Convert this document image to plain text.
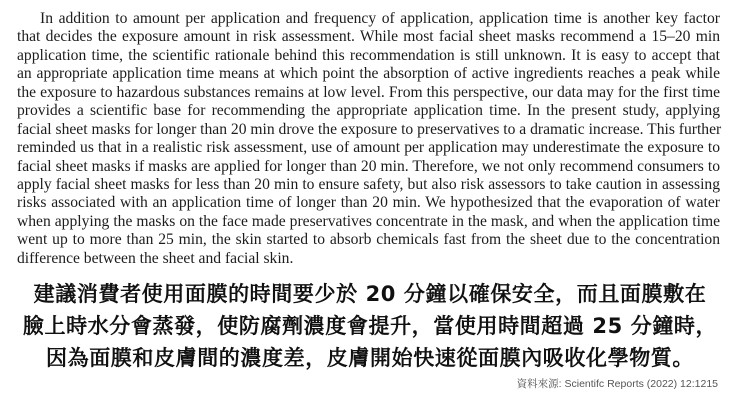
In addition to amount per application and frequency of application, application time is another key factor
that decides the exposure amount in risk assessment. While most facial sheet masks recommend a 15–20 min
application time, the scientific rationale behind this recommendation is still unknown. It is easy to accept that
an appropriate application time means at which point the absorption of active ingredients reaches a peak while
the exposure to hazardous substances remains at low level. From this perspective, our data may for the first time
provides a scientific base for recommending the appropriate application time. In the present study, applying
facial sheet masks for longer than 20 min drove the exposure to preservatives to a dramatic increase. This further
reminded us that in a realistic risk assessment, use of amount per application may underestimate the exposure to
facial sheet masks if masks are applied for longer than 20 min. Therefore, we not only recommend consumers to
apply facial sheet masks for less than 20 min to ensure safety, but also risk assessors to take caution in assessing
risks associated with an application time of longer than 20 min. We hypothesized that the evaporation of water
when applying the masks on the face made preservatives concentrate in the mask, and when the application time
went up to more than 25 min, the skin started to absorb chemicals fast from the sheet due to the concentration
difference between the sheet and facial skin.
建議消費者使用面膜的時間要少於 20 分鐘以確保安全，而且面膜敷在
臉上時水分會蒸發，使防腐劑濃度會提升，當使用時間超過 25 分鐘時，
因為面膜和皮膚間的濃度差，皮膚開始快速從面膜內吸收化學物質。
資料來源: Scientifc Reports (2022) 12:1215
